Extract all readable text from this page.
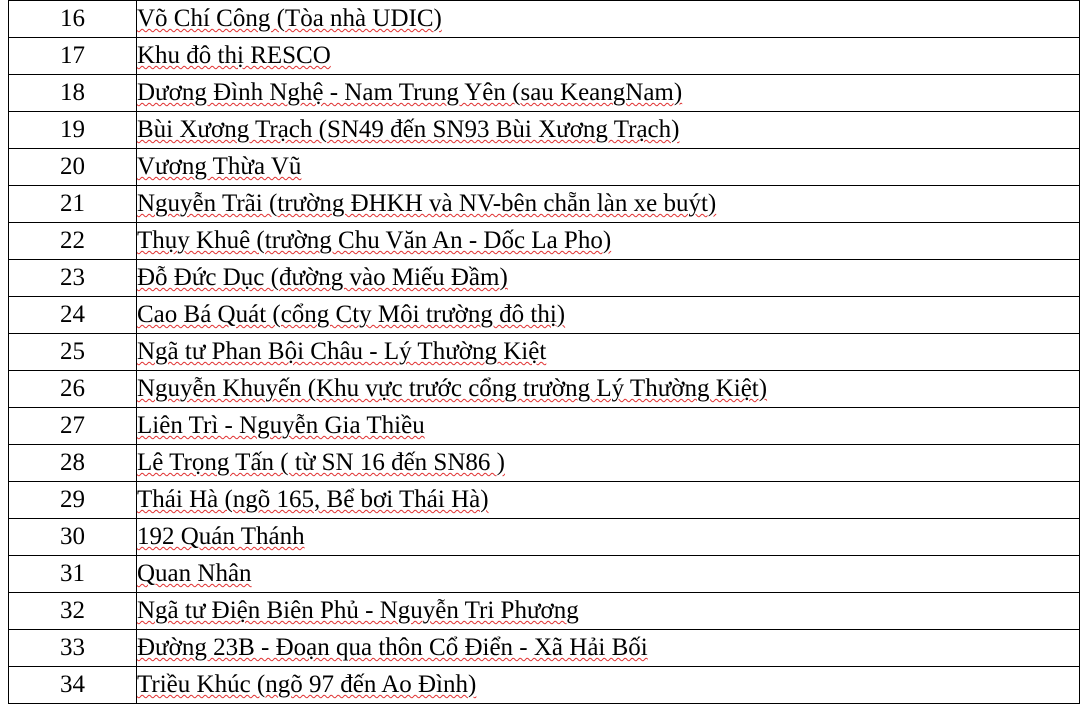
16	Võ Chí Công (Tòa nhà UDIC)
17	Khu đô thị RESCO
18	Dương Đình Nghệ - Nam Trung Yên (sau KeangNam)
19	Bùi Xương Trạch (SN49 đến SN93 Bùi Xương Trạch)
20	Vương Thừa Vũ
21	Nguyễn Trãi (trường ĐHKH và NV-bên chẵn làn xe buýt)
22	Thụy Khuê (trường Chu Văn An - Dốc La Pho)
23	Đỗ Đức Dục (đường vào Miếu Đầm)
24	Cao Bá Quát (cổng Cty Môi trường đô thị)
25	Ngã tư Phan Bội Châu - Lý Thường Kiệt
26	Nguyễn Khuyến (Khu vực trước cổng trường Lý Thường Kiệt)
27	Liên Trì - Nguyễn Gia Thiều
28	Lê Trọng Tấn ( từ SN 16 đến SN86 )
29	Thái Hà (ngõ 165, Bể bơi Thái Hà)
30	192 Quán Thánh
31	Quan Nhân
32	Ngã tư Điện Biên Phủ - Nguyễn Tri Phương
33	Đường 23B - Đoạn qua thôn Cổ Điển - Xã Hải Bối
34	Triều Khúc (ngõ 97 đến Ao Đình)
